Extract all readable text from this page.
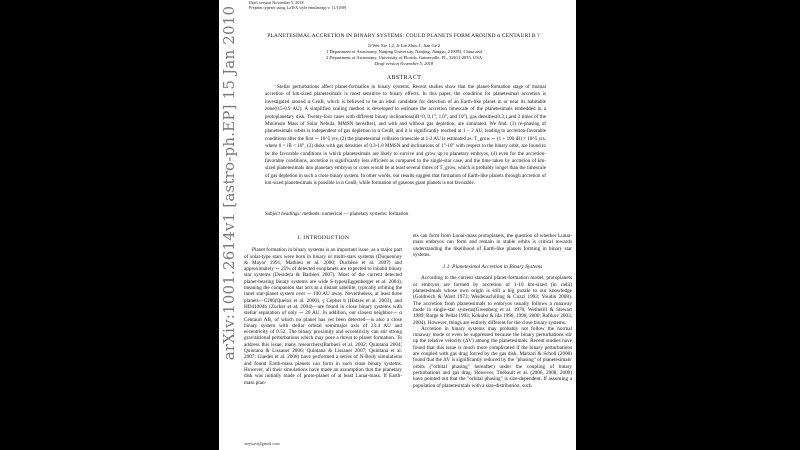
Draft version November 5, 2018
Preprint typeset using LaTeX style emulateapj v. 11/10/09
PLANETESIMAL ACCRETION IN BINARY SYSTEMS: COULD PLANETS FORM AROUND α CENTAURI B ?
Ji-Wei Xie 1,2, Ji-Lin Zhou 1, Jian Ge 2
1 Department of Astronomy, Nanjing University, Nanjing, Jiangsu, 210093, China and
2 Department of Astronomy, University of Florida, Gainesville, FL, 32611-2055, USA
Draft version November 5, 2018
ABSTRACT
Stellar perturbations affect planet-formation in binary systems. Recent studies show that the planet-formation stage of mutual accretion of km-sized planetesimals is most sensitive to binary effects. In this paper, the condition for planetesimal accretion is investigated around α CenB, which is believed to be an ideal candidate for detection of an Earth-like planet in or near its habitable zone(0.5-0.9 AU). A simplified scaling method is developed to estimate the accretion timescale of the planetesimals embedded in a protoplanetary disk. Twenty-four cases with different binary inclinations(iB=0, 0.1°, 1.0°, and 10°), gas densities(0.3,1,and 3 times of the Minimum Mass of Solar Nebula, MMSN hereafter), and with and without gas depletion, are simulated. We find: (1) re-phasing of planetesimals orbits is independent of gas depletion in α CenB, and it is significantly reached at 1 − 2 AU, leading to accretion-favorable conditions after the first ∼ 10^5 yrs, (2) the planetesimal collision timescale at 1-2 AU is estimated as: T_grow ∼ (1 + 100 iB) × 10^5 yrs, where 0 < iB < 10°, (3) disks with gas densities of 0.3-1.0 MMSN and inclinations of 1°-10° with respect to the binary orbit, are found to be the favorable conditions in which planetesimals are likely to survive and grow up to planetary embryos, (4) even for the accretion-favorable conditions, accretion is significantly less efficient as compared to the single-star case, and the time taken by accretion of km-sized planetesimals into planetary embryos or cores would be at least several times of T_grow, which is probably longer than the timescale of gas depletion in such a close binary system. In other words, our results suggest that formation of Earth-like planets through accretion of km-sized planetesimals is possible in α CenB, while formation of gaseous giant planets is not favorable.
Subject headings: methods: numerical — planetary systems: formation
1. INTRODUCTION

Planet formation in binary systems is an important issue, as a major part of solar-type stars were born in binary or multi-stars systems (Duquennoy & Mayor 1991; Mathieu et al. 2000; Duchêne et al. 2007) and approximately ∼ 25% of detected exoplanets are expected to inhabit binary star systems (Desidera & Barbieri 2007). Most of the current detected planet-bearing binary systems are wide S-types(Eggenberger et al. 2004), meaning the companion star acts as a distant satellite, typically orbiting the inner star-planet system over ∼ 100 AU away. Nevertheless, at least three planets—GJ86(Queloz et al. 2000), γ Cephei b (Hatzes et al. 2003), and HD41004b (Zucker et al. 2004)—are found in close binary systems with stellar separation of only ∼ 20 AU. In addition, our closest neighbor— α Centauri AB, of which no planet has yet been detected—is also a close binary system with stellar orbital semimajor axis of 23.4 AU and eccentricity of 0.52. The binary proximity and eccentricity can stir strong gravitational perturbations which may pose a threat to planet formation. To address this issue, many researchers(Barbieri et al. 2002; Quintana 2004; Quintana & Lissauer 2006; Quintana & Lissauer 2007; Quintana et al. 2007; Guedes et al. 2008) have performed a series of N-Body simulations and found Earth-mass planets can form in such close binary systems. However, all their simulations have made an assumption that the planetary disk was initially made of proto-planet of at least Lunar-mass. If Earth-mass plan-

ets can form from Lunar-mass protoplanets, the question of whether Lunar-mass embryos can form and remain in stable orbits is critical towards understanding the likelihood of Earth-like planets forming in binary star systems.

1.1. Planetesimal Accretion in Binary Systems

According to the current standard planet-formation model, protoplanets or embryos are formed by accretion of 1-10 km-sized (in radii) planetesimals whose own origin is still a big puzzle to our knowledge (Goldreich & Ward 1973; Weidenschilling & Cuzzi 1993; Youdin 2008). The accretion from planetesimals to embryos usually follows a runaway mode in single-star systems(Greenberg et al. 1978; Wetherill & Stewart 1989; Barge & Pellat 1993; Kokubo & Ida 1996, 1998, 2000; Rafikov 2003, 2004). However, things are entirely different for the close binary systems.

Accretion in binary systems may probably not follow the normal runaway mode or even be suppressed because the binary perturbations stir up the relative velocity (ΔV) among the planetesimals. Recent studies have found that this issue is much more complicated if the binary perturbations are coupled with gas drag forced by the gas disk. Marzari & Scholl (2000) found that the ΔV is significantly reduced by the "phasing" of planetesimals' orbits ("orbital phasing" hereafter) under the coupling of binary perturbations and gas drag. However, Thébault et al. (2006, 2008, 2009) have pointed out that the "orbital phasing" is size-dependent. If assuming a population of planetesimals with a size-distribution, such

xiejwast@gmail.com
arXiv:1001.2614v1 [astro-ph.EP] 15 Jan 2010
